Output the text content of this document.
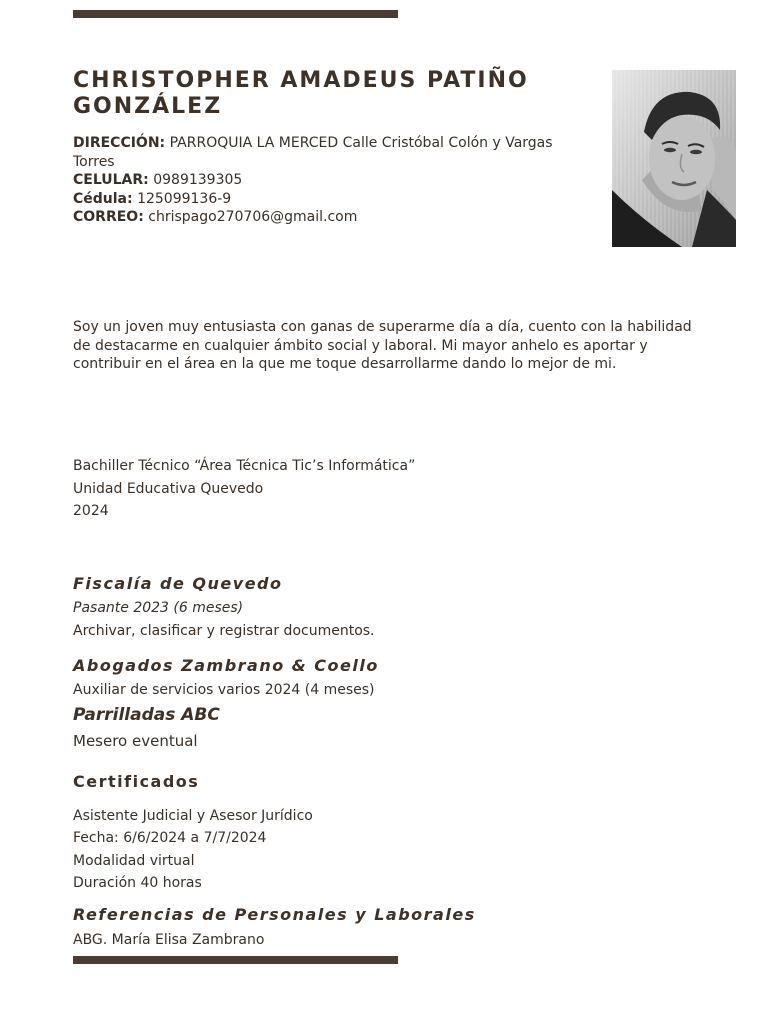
CHRISTOPHER AMADEUS PATIÑO GONZÁLEZ

DIRECCIÓN: PARROQUIA LA MERCED Calle Cristóbal Colón y Vargas Torres

CELULAR: 0989139305

Cédula: 125099136-9

CORREO: chrispago270706@gmail.com

Soy un joven muy entusiasta con ganas de superarme día a día, cuento con la habilidad de destacarme en cualquier ámbito social y laboral. Mi mayor anhelo es aportar y contribuir en el área en la que me toque desarrollarme dando lo mejor de mi.

Bachiller Técnico “Área Técnica Tic’s Informática”
Unidad Educativa Quevedo
2024
Fiscalía de Quevedo

Pasante 2023 (6 meses)

Archivar, clasificar y registrar documentos.

Abogados Zambrano & Coello

Auxiliar de servicios varios 2024 (4 meses)

Parrilladas ABC

Mesero eventual

Certificados
Asistente Judicial y Asesor Jurídico
Fecha: 6/6/2024 a 7/7/2024
Modalidad virtual
Duración 40 horas
Referencias de Personales y Laborales

ABG. María Elisa Zambrano
